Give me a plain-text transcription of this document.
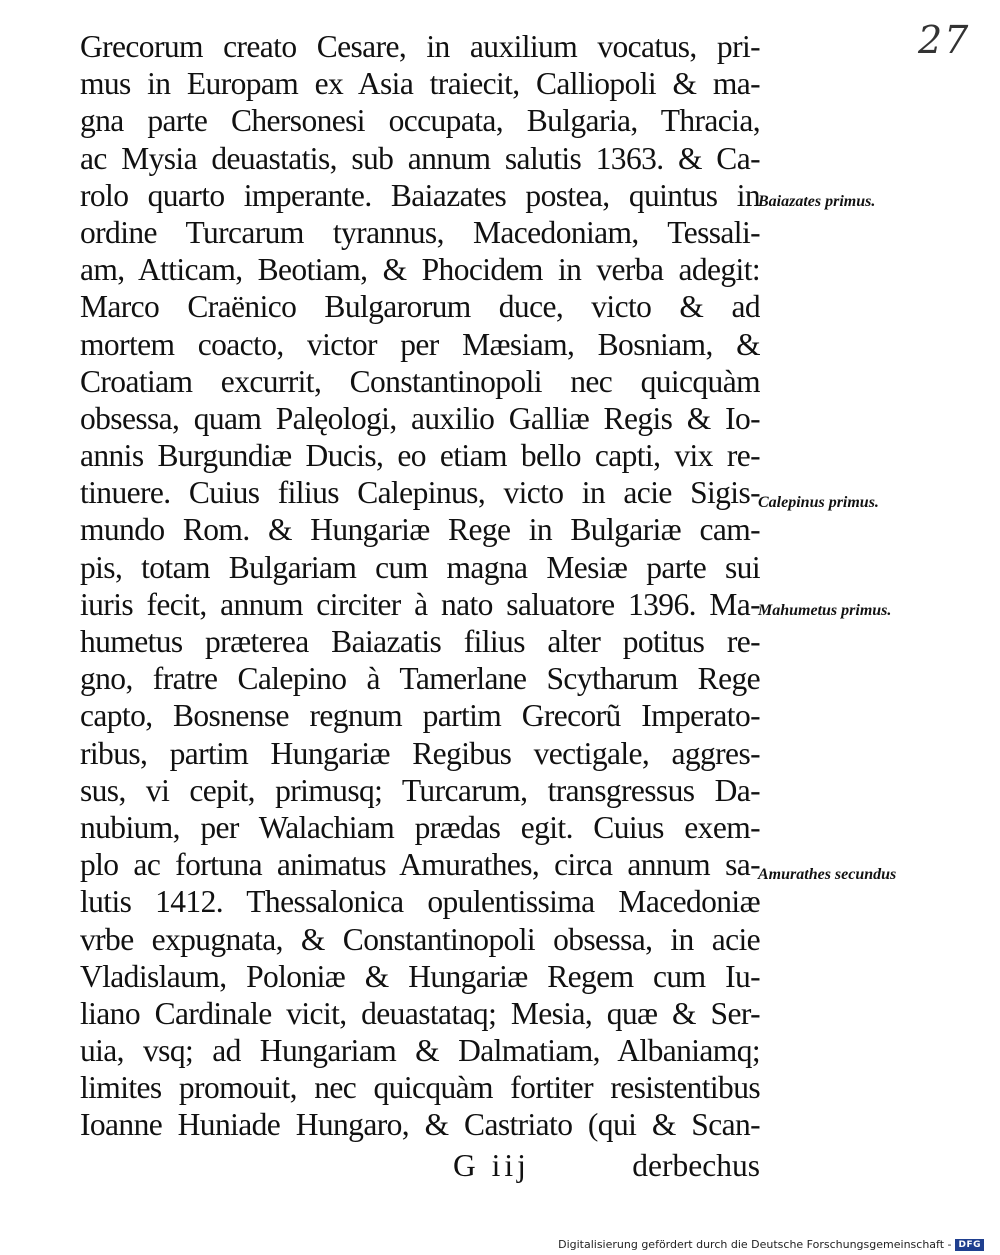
27
Grecorum creato Cesare, in auxilium vocatus, pri-
mus in Europam ex Asia traiecit, Calliopoli & ma-
gna parte Chersonesi occupata, Bulgaria, Thracia,
ac Mysia deuastatis, sub annum salutis 1363. & Ca-
rolo quarto imperante. Baiazates postea, quintus in
ordine Turcarum tyrannus, Macedoniam, Tessali-
am, Atticam, Beotiam, & Phocidem in verba adegit:
Marco Craënico Bulgarorum duce, victo & ad
mortem coacto, victor per Mæsiam, Bosniam, &
Croatiam excurrit, Constantinopoli nec quicquàm
obsessa, quam Palęologi, auxilio Galliæ Regis & Io-
annis Burgundiæ Ducis, eo etiam bello capti, vix re-
tinuere. Cuius filius Calepinus, victo in acie Sigis-
mundo Rom. & Hungariæ Rege in Bulgariæ cam-
pis, totam Bulgariam cum magna Mesiæ parte sui
iuris fecit, annum circiter à nato saluatore 1396. Ma-
humetus præterea Baiazatis filius alter potitus re-
gno, fratre Calepino à Tamerlane Scytharum Rege
capto, Bosnense regnum partim Grecorũ Imperato-
ribus, partim Hungariæ Regibus vectigale, aggres-
sus, vi cepit, primusq; Turcarum, transgressus Da-
nubium, per Walachiam prædas egit. Cuius exem-
plo ac fortuna animatus Amurathes, circa annum sa-
lutis 1412. Thessalonica opulentissima Macedoniæ
vrbe expugnata, & Constantinopoli obsessa, in acie
Vladislaum, Poloniæ & Hungariæ Regem cum Iu-
liano Cardinale vicit, deuastataq; Mesia, quæ & Ser-
uia, vsq; ad Hungariam & Dalmatiam, Albaniamq;
limites promouit, nec quicquàm fortiter resistentibus
Ioanne Huniade Hungaro, & Castriato (qui & Scan-
G iij	derbechus
Baiazates primus.
Calepinus primus.
Mahumetus primus.
Amurathes secundus
Digitalisierung gefördert durch die Deutsche Forschungsgemeinschaft - DFG
